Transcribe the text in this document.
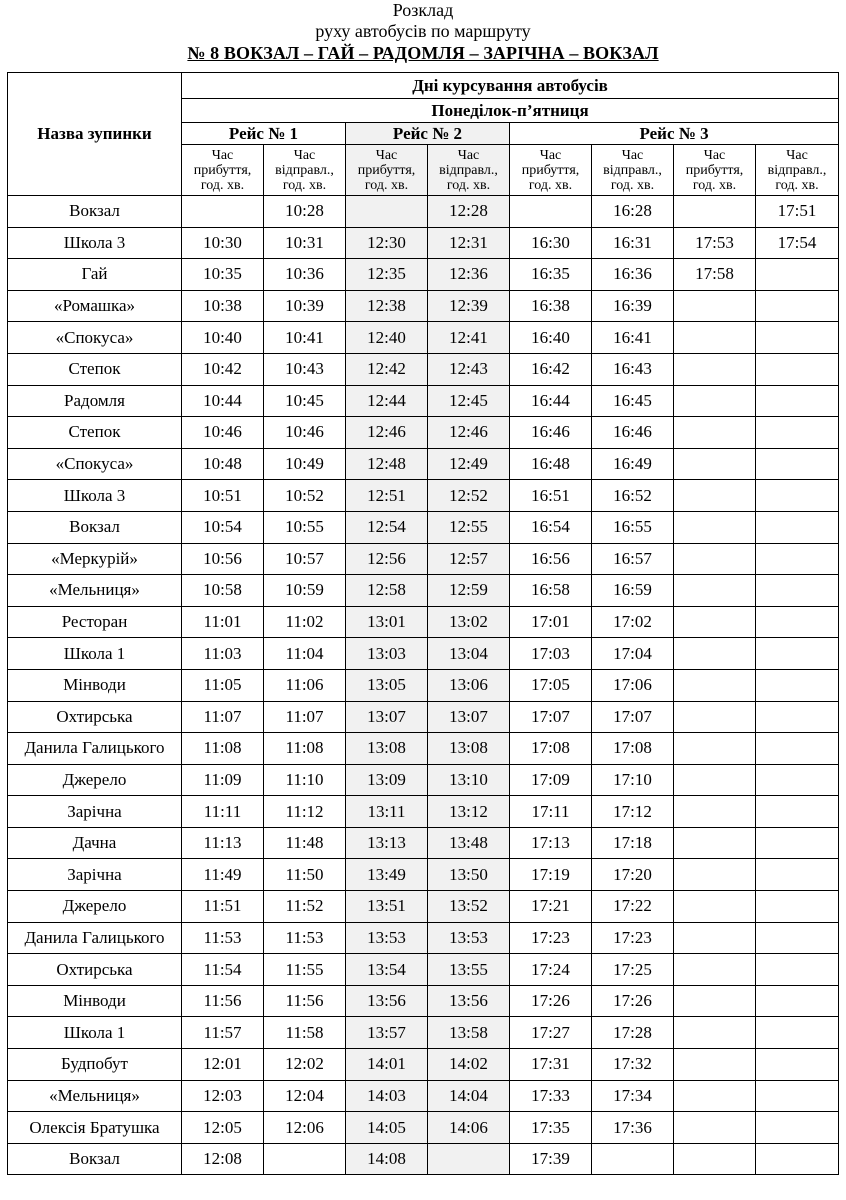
Розклад
руху автобусів по маршруту
№ 8 ВОКЗАЛ – ГАЙ – РАДОМЛЯ – ЗАРІЧНА – ВОКЗАЛ
Назва зупинки	Дні курсування автобусів							
	Понеділок-п’ятниця							
	Рейс № 1		Рейс № 2		Рейс № 3			
	Час прибуття, год. хв.	Час відправл., год. хв.	Час прибуття, год. хв.	Час відправл., год. хв.	Час прибуття, год. хв.	Час відправл., год. хв.	Час прибуття, год. хв.	Час відправл., год. хв.
Вокзал		10:28		12:28		16:28		17:51
Школа 3	10:30	10:31	12:30	12:31	16:30	16:31	17:53	17:54
Гай	10:35	10:36	12:35	12:36	16:35	16:36	17:58	
«Ромашка»	10:38	10:39	12:38	12:39	16:38	16:39		
«Спокуса»	10:40	10:41	12:40	12:41	16:40	16:41		
Степок	10:42	10:43	12:42	12:43	16:42	16:43		
Радомля	10:44	10:45	12:44	12:45	16:44	16:45		
Степок	10:46	10:46	12:46	12:46	16:46	16:46		
«Спокуса»	10:48	10:49	12:48	12:49	16:48	16:49		
Школа 3	10:51	10:52	12:51	12:52	16:51	16:52		
Вокзал	10:54	10:55	12:54	12:55	16:54	16:55		
«Меркурій»	10:56	10:57	12:56	12:57	16:56	16:57		
«Мельниця»	10:58	10:59	12:58	12:59	16:58	16:59		
Ресторан	11:01	11:02	13:01	13:02	17:01	17:02		
Школа 1	11:03	11:04	13:03	13:04	17:03	17:04		
Мінводи	11:05	11:06	13:05	13:06	17:05	17:06		
Охтирська	11:07	11:07	13:07	13:07	17:07	17:07		
Данила Галицького	11:08	11:08	13:08	13:08	17:08	17:08		
Джерело	11:09	11:10	13:09	13:10	17:09	17:10		
Зарічна	11:11	11:12	13:11	13:12	17:11	17:12		
Дачна	11:13	11:48	13:13	13:48	17:13	17:18		
Зарічна	11:49	11:50	13:49	13:50	17:19	17:20		
Джерело	11:51	11:52	13:51	13:52	17:21	17:22		
Данила Галицького	11:53	11:53	13:53	13:53	17:23	17:23		
Охтирська	11:54	11:55	13:54	13:55	17:24	17:25		
Мінводи	11:56	11:56	13:56	13:56	17:26	17:26		
Школа 1	11:57	11:58	13:57	13:58	17:27	17:28		
Будпобут	12:01	12:02	14:01	14:02	17:31	17:32		
«Мельниця»	12:03	12:04	14:03	14:04	17:33	17:34		
Олексія Братушка	12:05	12:06	14:05	14:06	17:35	17:36		
Вокзал	12:08		14:08		17:39			
